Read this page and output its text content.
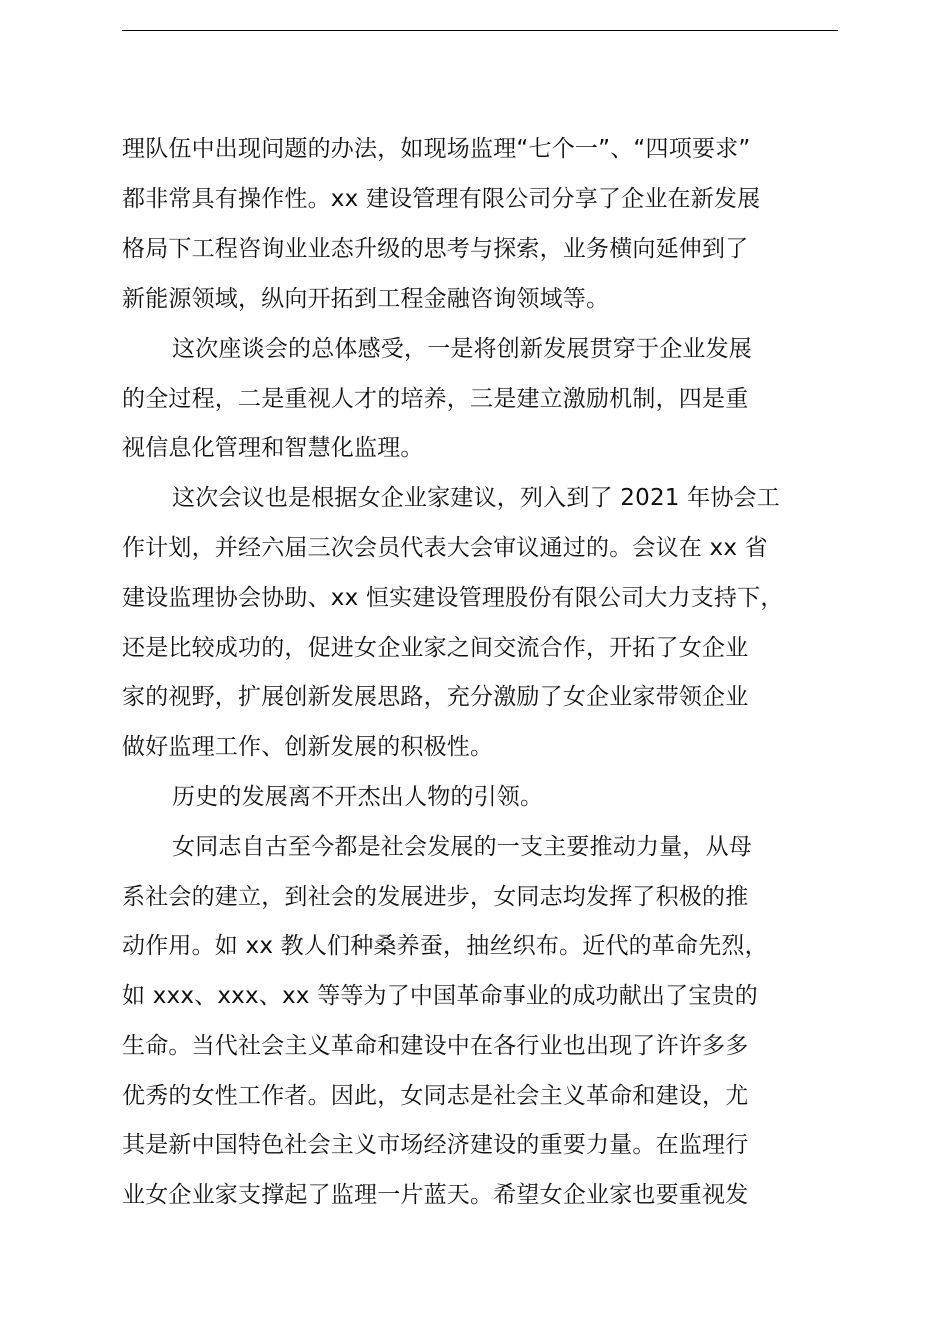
理队伍中出现问题的办法，如现场监理“七个一”、“四项要求”
都非常具有操作性。xx 建设管理有限公司分享了企业在新发展
格局下工程咨询业业态升级的思考与探索，业务横向延伸到了
新能源领域，纵向开拓到工程金融咨询领域等。
这次座谈会的总体感受，一是将创新发展贯穿于企业发展
的全过程，二是重视人才的培养，三是建立激励机制，四是重
视信息化管理和智慧化监理。
这次会议也是根据女企业家建议，列入到了 2021 年协会工
作计划，并经六届三次会员代表大会审议通过的。会议在 xx 省
建设监理协会协助、xx 恒实建设管理股份有限公司大力支持下，
还是比较成功的，促进女企业家之间交流合作，开拓了女企业
家的视野，扩展创新发展思路，充分激励了女企业家带领企业
做好监理工作、创新发展的积极性。
历史的发展离不开杰出人物的引领。
女同志自古至今都是社会发展的一支主要推动力量，从母
系社会的建立，到社会的发展进步，女同志均发挥了积极的推
动作用。如 xx 教人们种桑养蚕，抽丝织布。近代的革命先烈，
如 xxx、xxx、xx 等等为了中国革命事业的成功献出了宝贵的
生命。当代社会主义革命和建设中在各行业也出现了许许多多
优秀的女性工作者。因此，女同志是社会主义革命和建设，尤
其是新中国特色社会主义市场经济建设的重要力量。在监理行
业女企业家支撑起了监理一片蓝天。希望女企业家也要重视发
